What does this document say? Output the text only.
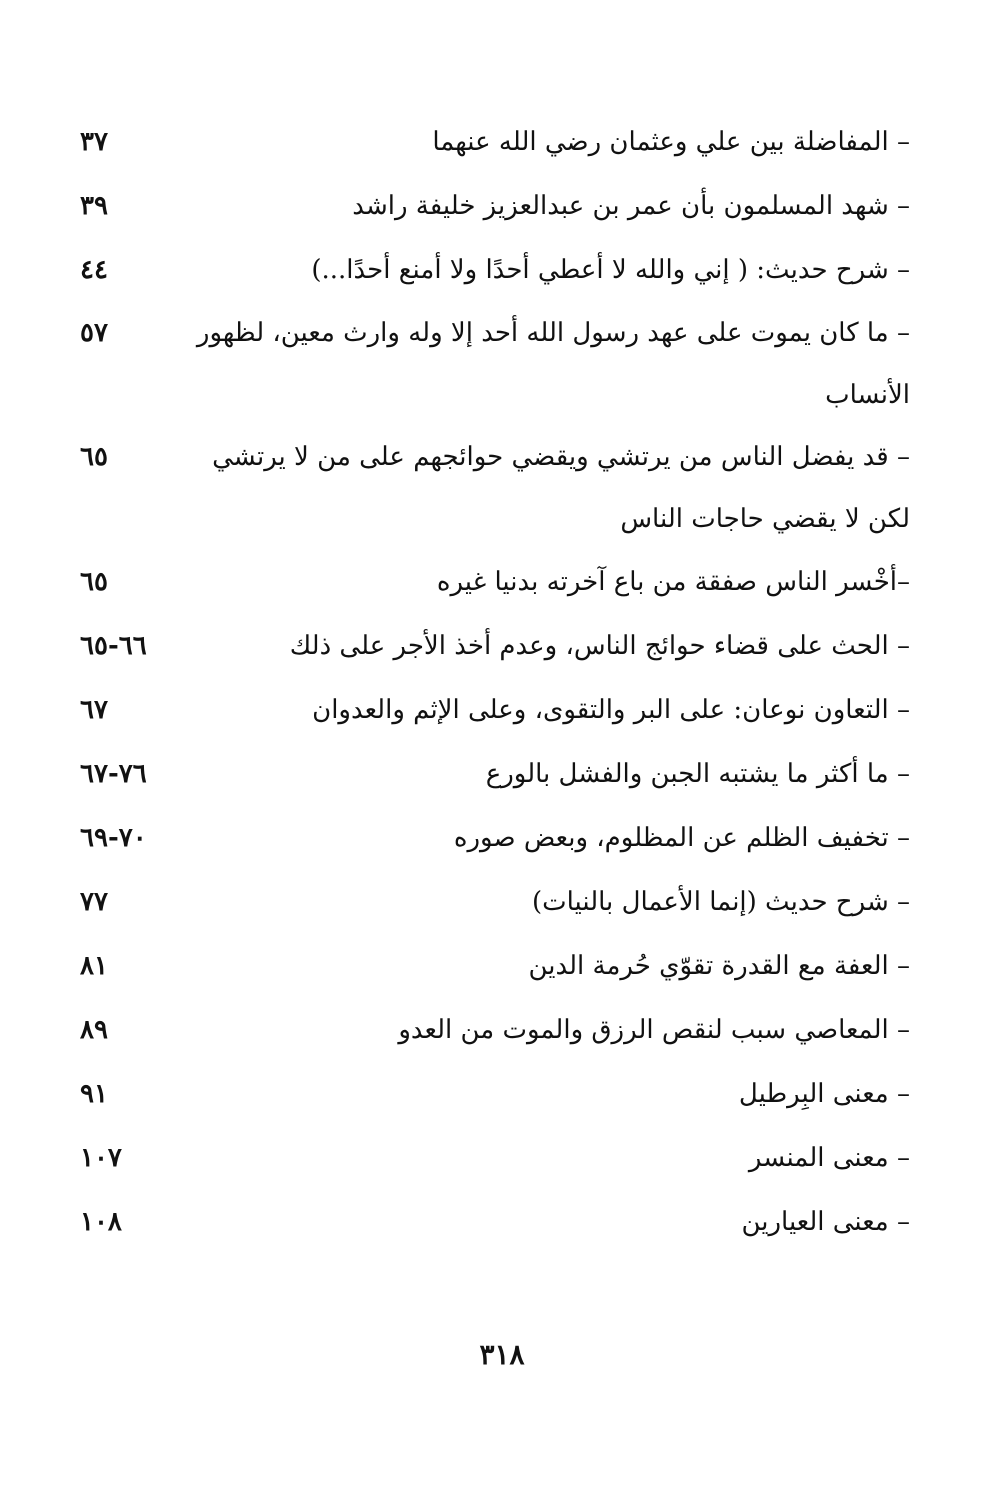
٣٧	– المفاضلة بين علي وعثمان رضي الله عنهما
٣٩	– شهد المسلمون بأن عمر بن عبدالعزيز خليفة راشد
٤٤	– شرح حديث: ( إني والله لا أعطي أحدًا ولا أمنع أحدًا...)
٥٧	– ما كان يموت على عهد رسول الله أحد إلا وله وارث معين، لظهور الأنساب
٦٥	– قد يفضل الناس من يرتشي ويقضي حوائجهم على من لا يرتشي لكن لا يقضي حاجات الناس
٦٥	–أخْسر الناس صفقة من باع آخرته بدنيا غيره
٦٦-٦٥	– الحث على قضاء حوائج الناس، وعدم أخذ الأجر على ذلك
٦٧	– التعاون نوعان: على البر والتقوى، وعلى الإثم والعدوان
٧٦-٦٧	– ما أكثر ما يشتبه الجبن والفشل بالورع
٧٠-٦٩	– تخفيف الظلم عن المظلوم، وبعض صوره
٧٧	– شرح حديث (إنما الأعمال بالنيات)
٨١	– العفة مع القدرة تقوّي حُرمة الدين
٨٩	– المعاصي سبب لنقص الرزق والموت من العدو
٩١	– معنى البِرطيل
١٠٧	– معنى المنسر
١٠٨	– معنى العيارين
٣١٨
